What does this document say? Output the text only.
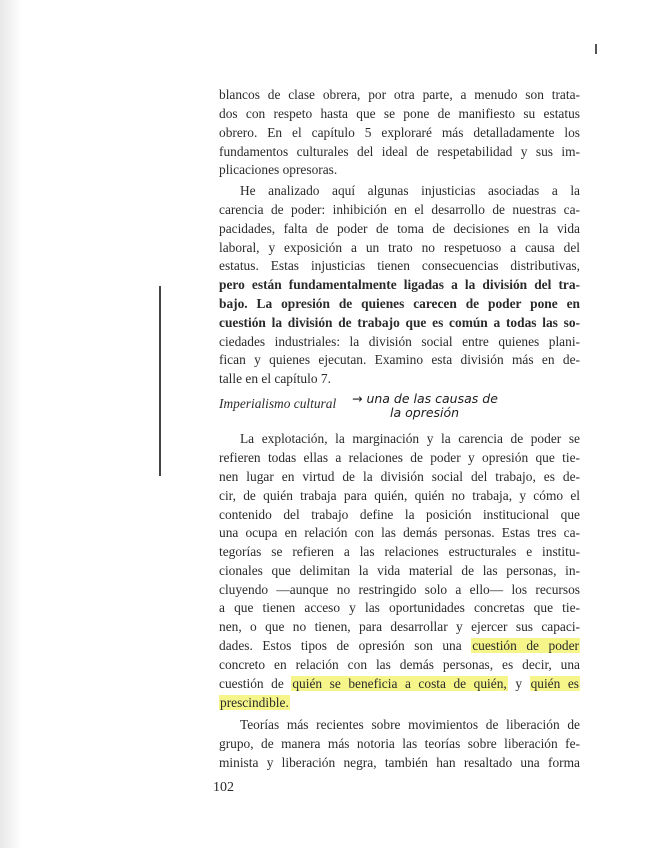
blancos de clase obrera, por otra parte, a menudo son trata-
dos con respeto hasta que se pone de manifiesto su estatus
obrero. En el capítulo 5 exploraré más detalladamente los
fundamentos culturales del ideal de respetabilidad y sus im-
plicaciones opresoras.
He analizado aquí algunas injusticias asociadas a la
carencia de poder: inhibición en el desarrollo de nuestras ca-
pacidades, falta de poder de toma de decisiones en la vida
laboral, y exposición a un trato no respetuoso a causa del
estatus. Estas injusticias tienen consecuencias distributivas,
pero están fundamentalmente ligadas a la división del tra-
bajo. La opresión de quienes carecen de poder pone en
cuestión la división de trabajo que es común a todas las so-
ciedades industriales: la división social entre quienes plani-
fican y quienes ejecutan. Examino esta división más en de-
talle en el capítulo 7.
Imperialismo cultural → una de las causas de
la opresión
La explotación, la marginación y la carencia de poder se
refieren todas ellas a relaciones de poder y opresión que tie-
nen lugar en virtud de la división social del trabajo, es de-
cir, de quién trabaja para quién, quién no trabaja, y cómo el
contenido del trabajo define la posición institucional que
una ocupa en relación con las demás personas. Estas tres ca-
tegorías se refieren a las relaciones estructurales e institu-
cionales que delimitan la vida material de las personas, in-
cluyendo —aunque no restringido solo a ello— los recursos
a que tienen acceso y las oportunidades concretas que tie-
nen, o que no tienen, para desarrollar y ejercer sus capaci-
dades. Estos tipos de opresión son una cuestión de poder
concreto en relación con las demás personas, es decir, una
cuestión de quién se beneficia a costa de quién, y quién es
prescindible.
Teorías más recientes sobre movimientos de liberación de
grupo, de manera más notoria las teorías sobre liberación fe-
minista y liberación negra, también han resaltado una forma
102
